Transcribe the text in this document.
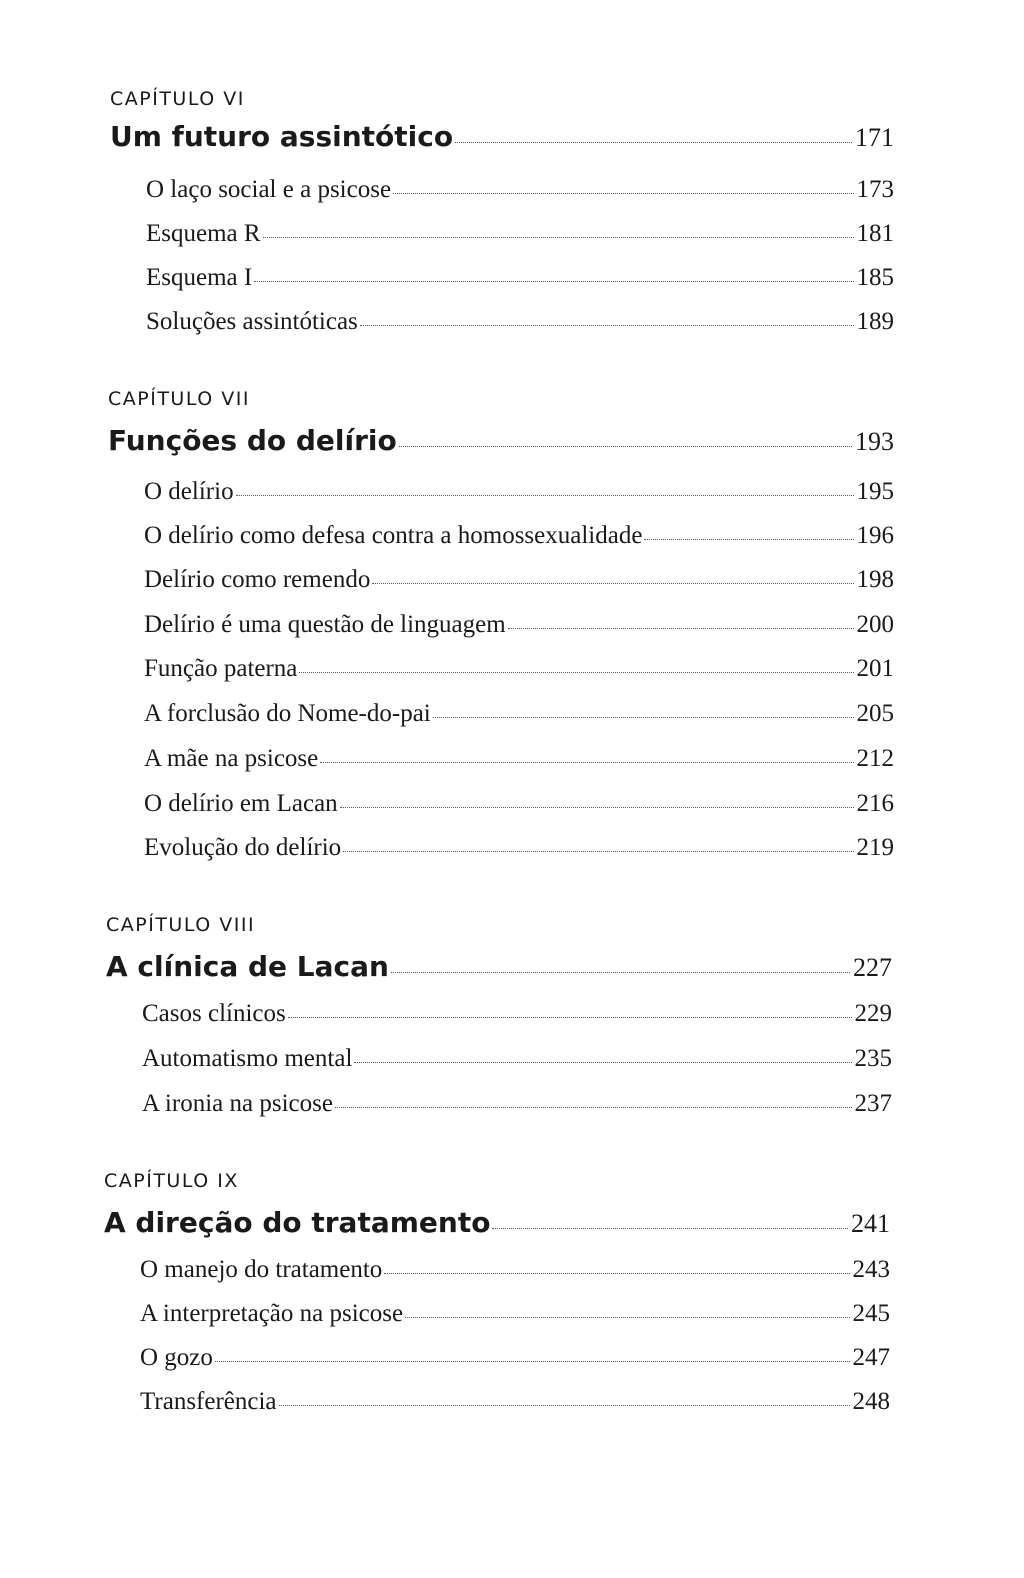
CAPÍTULO VI
Um futuro assintótico	171
O laço social e a psicose	173
Esquema R	181
Esquema I	185
Soluções assintóticas	189
CAPÍTULO VII
Funções do delírio	193
O delírio	195
O delírio como defesa contra a homossexualidade	196
Delírio como remendo	198
Delírio é uma questão de linguagem	200
Função paterna	201
A forclusão do Nome-do-pai	205
A mãe na psicose	212
O delírio em Lacan	216
Evolução do delírio	219
CAPÍTULO VIII
A clínica de Lacan	227
Casos clínicos	229
Automatismo mental	235
A ironia na psicose	237
CAPÍTULO IX
A direção do tratamento	241
O manejo do tratamento	243
A interpretação na psicose	245
O gozo	247
Transferência	248
